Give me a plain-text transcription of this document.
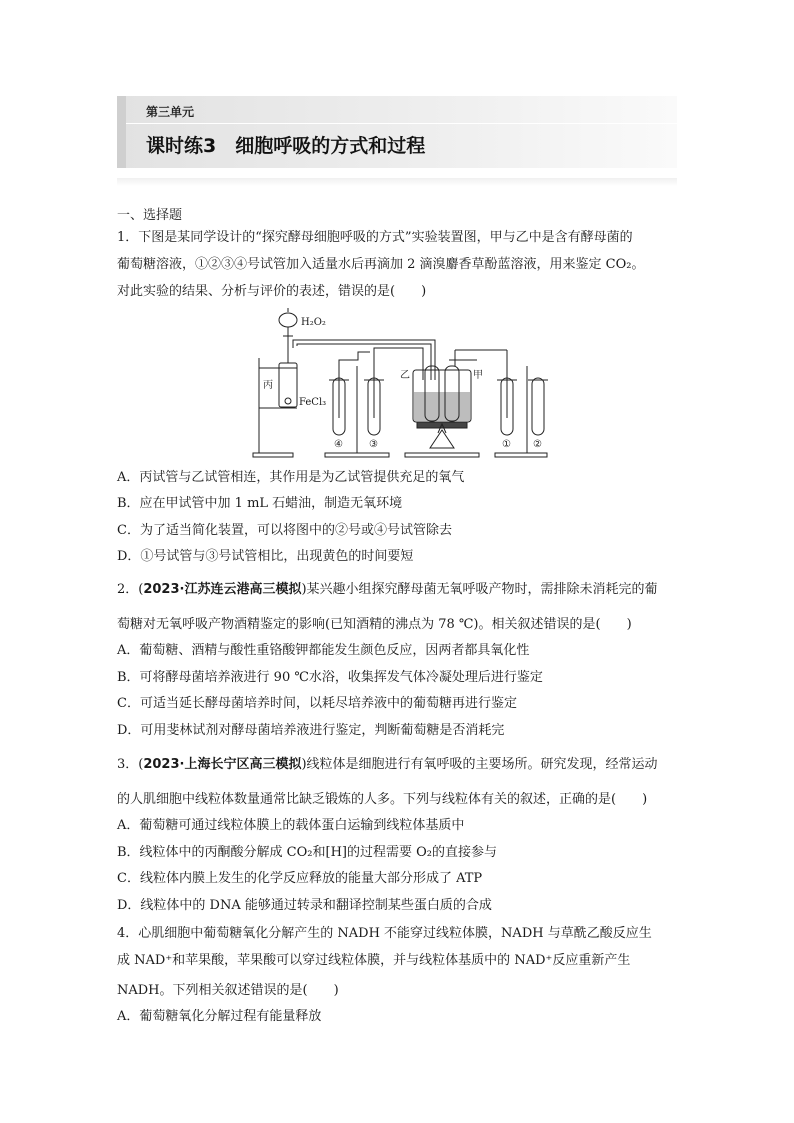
第三单元
课时练3　细胞呼吸的方式和过程
一、选择题
1．下图是某同学设计的“探究酵母细胞呼吸的方式”实验装置图，甲与乙中是含有酵母菌的
葡萄糖溶液，①②③④号试管加入适量水后再滴加 2 滴溴麝香草酚蓝溶液，用来鉴定 CO₂。
对此实验的结果、分析与评价的表述，错误的是(　　)
H₂O₂
丙
FeCl₃
乙	甲
④	③	① ②
A．丙试管与乙试管相连，其作用是为乙试管提供充足的氧气
B．应在甲试管中加 1 mL 石蜡油，制造无氧环境
C．为了适当简化装置，可以将图中的②号或④号试管除去
D．①号试管与③号试管相比，出现黄色的时间要短
2．(2023·江苏连云港高三模拟)某兴趣小组探究酵母菌无氧呼吸产物时，需排除未消耗完的葡
萄糖对无氧呼吸产物酒精鉴定的影响(已知酒精的沸点为 78 ℃)。相关叙述错误的是(　　)
A．葡萄糖、酒精与酸性重铬酸钾都能发生颜色反应，因两者都具氧化性
B．可将酵母菌培养液进行 90 ℃水浴，收集挥发气体冷凝处理后进行鉴定
C．可适当延长酵母菌培养时间，以耗尽培养液中的葡萄糖再进行鉴定
D．可用斐林试剂对酵母菌培养液进行鉴定，判断葡萄糖是否消耗完
3．(2023·上海长宁区高三模拟)线粒体是细胞进行有氧呼吸的主要场所。研究发现，经常运动
的人肌细胞中线粒体数量通常比缺乏锻炼的人多。下列与线粒体有关的叙述，正确的是(　　)
A．葡萄糖可通过线粒体膜上的载体蛋白运输到线粒体基质中
B．线粒体中的丙酮酸分解成 CO₂和[H]的过程需要 O₂的直接参与
C．线粒体内膜上发生的化学反应释放的能量大部分形成了 ATP
D．线粒体中的 DNA 能够通过转录和翻译控制某些蛋白质的合成
4．心肌细胞中葡萄糖氧化分解产生的 NADH 不能穿过线粒体膜，NADH 与草酰乙酸反应生
成 NAD⁺和苹果酸，苹果酸可以穿过线粒体膜，并与线粒体基质中的 NAD⁺反应重新产生
NADH。下列相关叙述错误的是(　　)
A．葡萄糖氧化分解过程有能量释放
